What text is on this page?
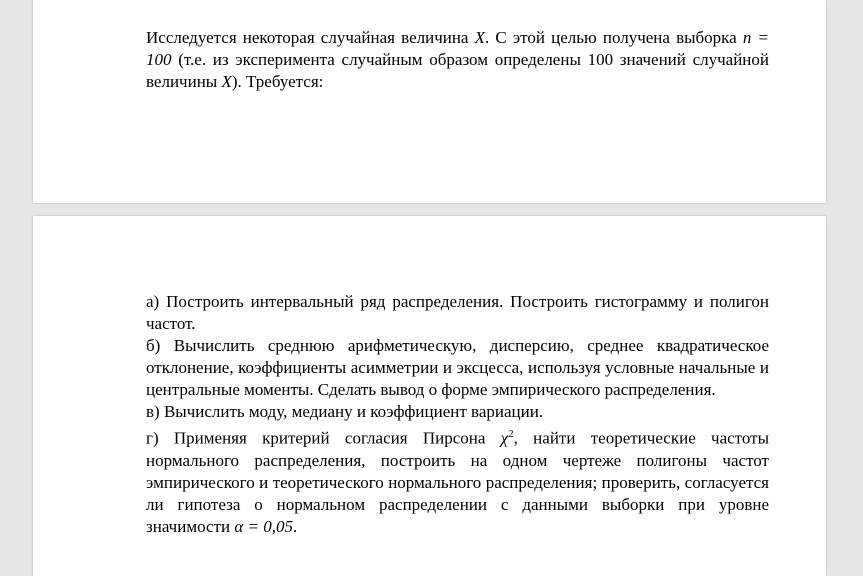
Исследуется некоторая случайная величина X. С этой целью получена выборка n = 100 (т.е. из эксперимента случайным образом определены 100 значений случайной величины X). Требуется:

а) Построить интервальный ряд распределения. Построить гистограмму и полигон частот.

б) Вычислить среднюю арифметическую, дисперсию, среднее квадратическое отклонение, коэффициенты асимметрии и эксцесса, используя условные начальные и центральные моменты. Сделать вывод о форме эмпирического распределения.

в) Вычислить моду, медиану и коэффициент вариации.

г) Применяя критерий согласия Пирсона $\chi^2$, найти теоретические частоты нормального распределения, построить на одном чертеже полигоны частот эмпирического и теоретического нормального распределения; проверить, согласуется ли гипотеза о нормальном распределении с данными выборки при уровне значимости α = 0,05.
